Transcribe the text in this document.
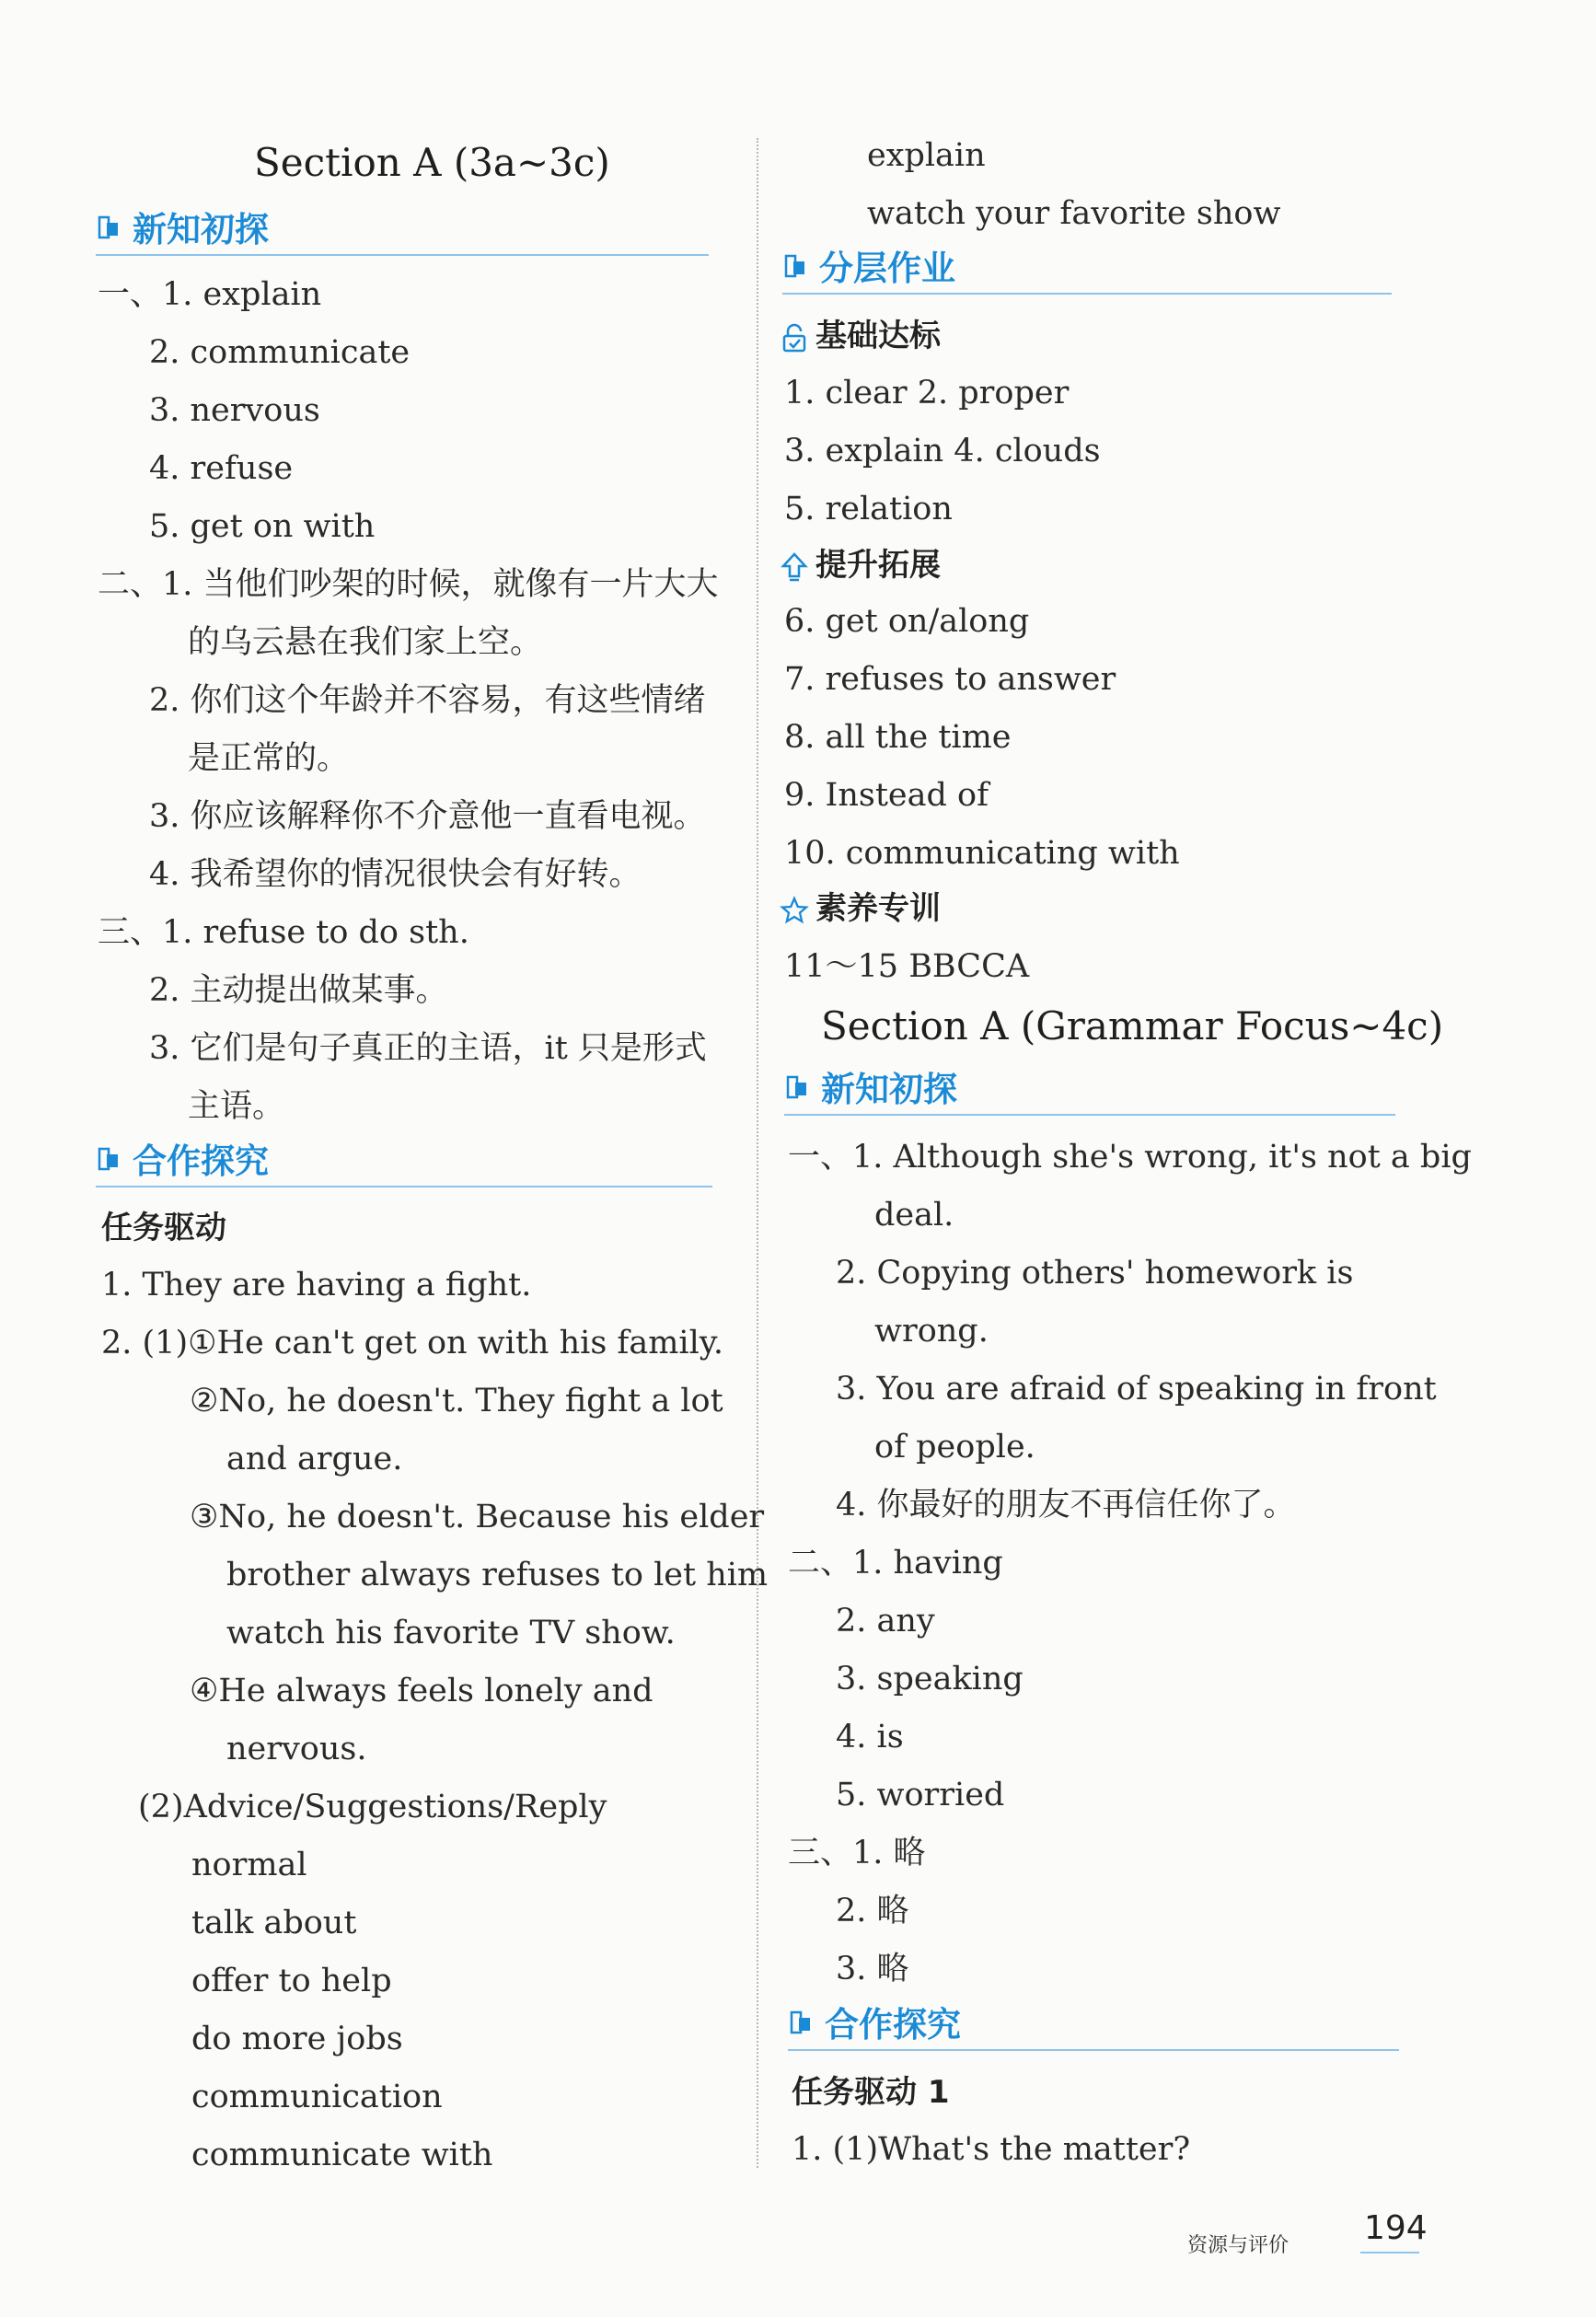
Section A (3a~3c)
新知初探
一、1. explain
2. communicate
3. nervous
4. refuse
5. get on with
二、1. 当他们吵架的时候，就像有一片大大
的乌云悬在我们家上空。
2. 你们这个年龄并不容易，有这些情绪
是正常的。
3. 你应该解释你不介意他一直看电视。
4. 我希望你的情况很快会有好转。
三、1. refuse to do sth.
2. 主动提出做某事。
3. 它们是句子真正的主语，it 只是形式
主语。
合作探究
任务驱动
1. They are having a fight.
2. (1)①He can't get on with his family.
②No, he doesn't. They fight a lot
and argue.
③No, he doesn't. Because his elder
brother always refuses to let him
watch his favorite TV show.
④He always feels lonely and
nervous.
(2)Advice/Suggestions/Reply
normal
talk about
offer to help
do more jobs
communication
communicate with
explain
watch your favorite show
分层作业
基础达标
1. clear 2. proper
3. explain 4. clouds
5. relation
提升拓展
6. get on/along
7. refuses to answer
8. all the time
9. Instead of
10. communicating with
素养专训
11～15 BBCCA
Section A (Grammar Focus~4c)
新知初探
一、1. Although she's wrong, it's not a big
deal.
2. Copying others' homework is
wrong.
3. You are afraid of speaking in front
of people.
4. 你最好的朋友不再信任你了。
二、1. having
2. any
3. speaking
4. is
5. worried
三、1. 略
2. 略
3. 略
合作探究
任务驱动 1
1. (1)What's the matter?
资源与评价 194
